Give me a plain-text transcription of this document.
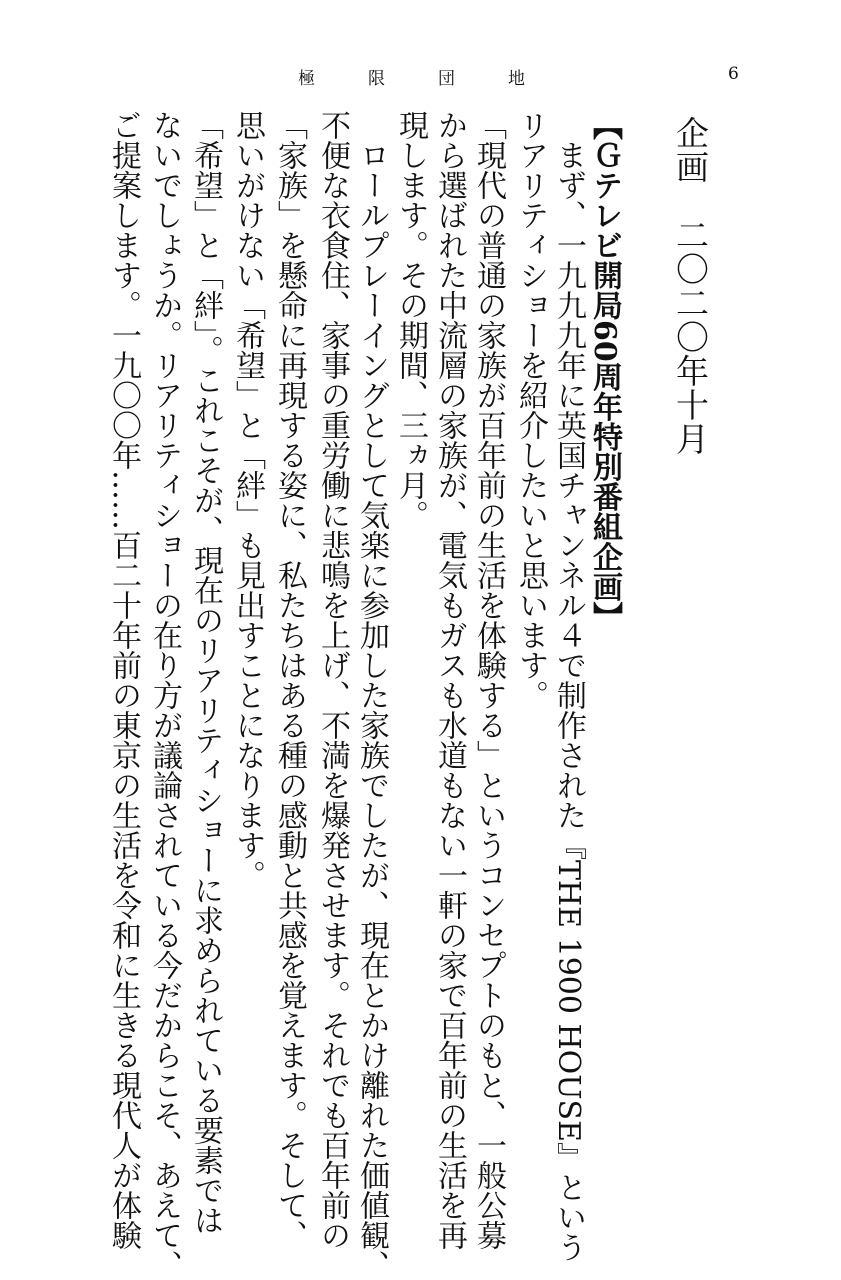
極　限　団　地	6
企画　二〇二〇年十月
【Ｇテレビ開局60周年特別番組企画】
まず、一九九九年に英国チャンネル４で制作された『THE 1900 HOUSE』という
リアリティショーを紹介したいと思います。
「現代の普通の家族が百年前の生活を体験する」というコンセプトのもと、一般公募
から選ばれた中流層の家族が、電気もガスも水道もない一軒の家で百年前の生活を再
現します。その期間、三ヵ月。
ロールプレーイングとして気楽に参加した家族でしたが、現在とかけ離れた価値観、
不便な衣食住、家事の重労働に悲鳴を上げ、不満を爆発させます。それでも百年前の
「家族」を懸命に再現する姿に、私たちはある種の感動と共感を覚えます。そして、
思いがけない「希望」と「絆」も見出すことになります。
「希望」と「絆」。これこそが、現在のリアリティショーに求められている要素では
ないでしょうか。リアリティショーの在り方が議論されている今だからこそ、あえて、
ご提案します。一九〇〇年……百二十年前の東京の生活を令和に生きる現代人が体験
